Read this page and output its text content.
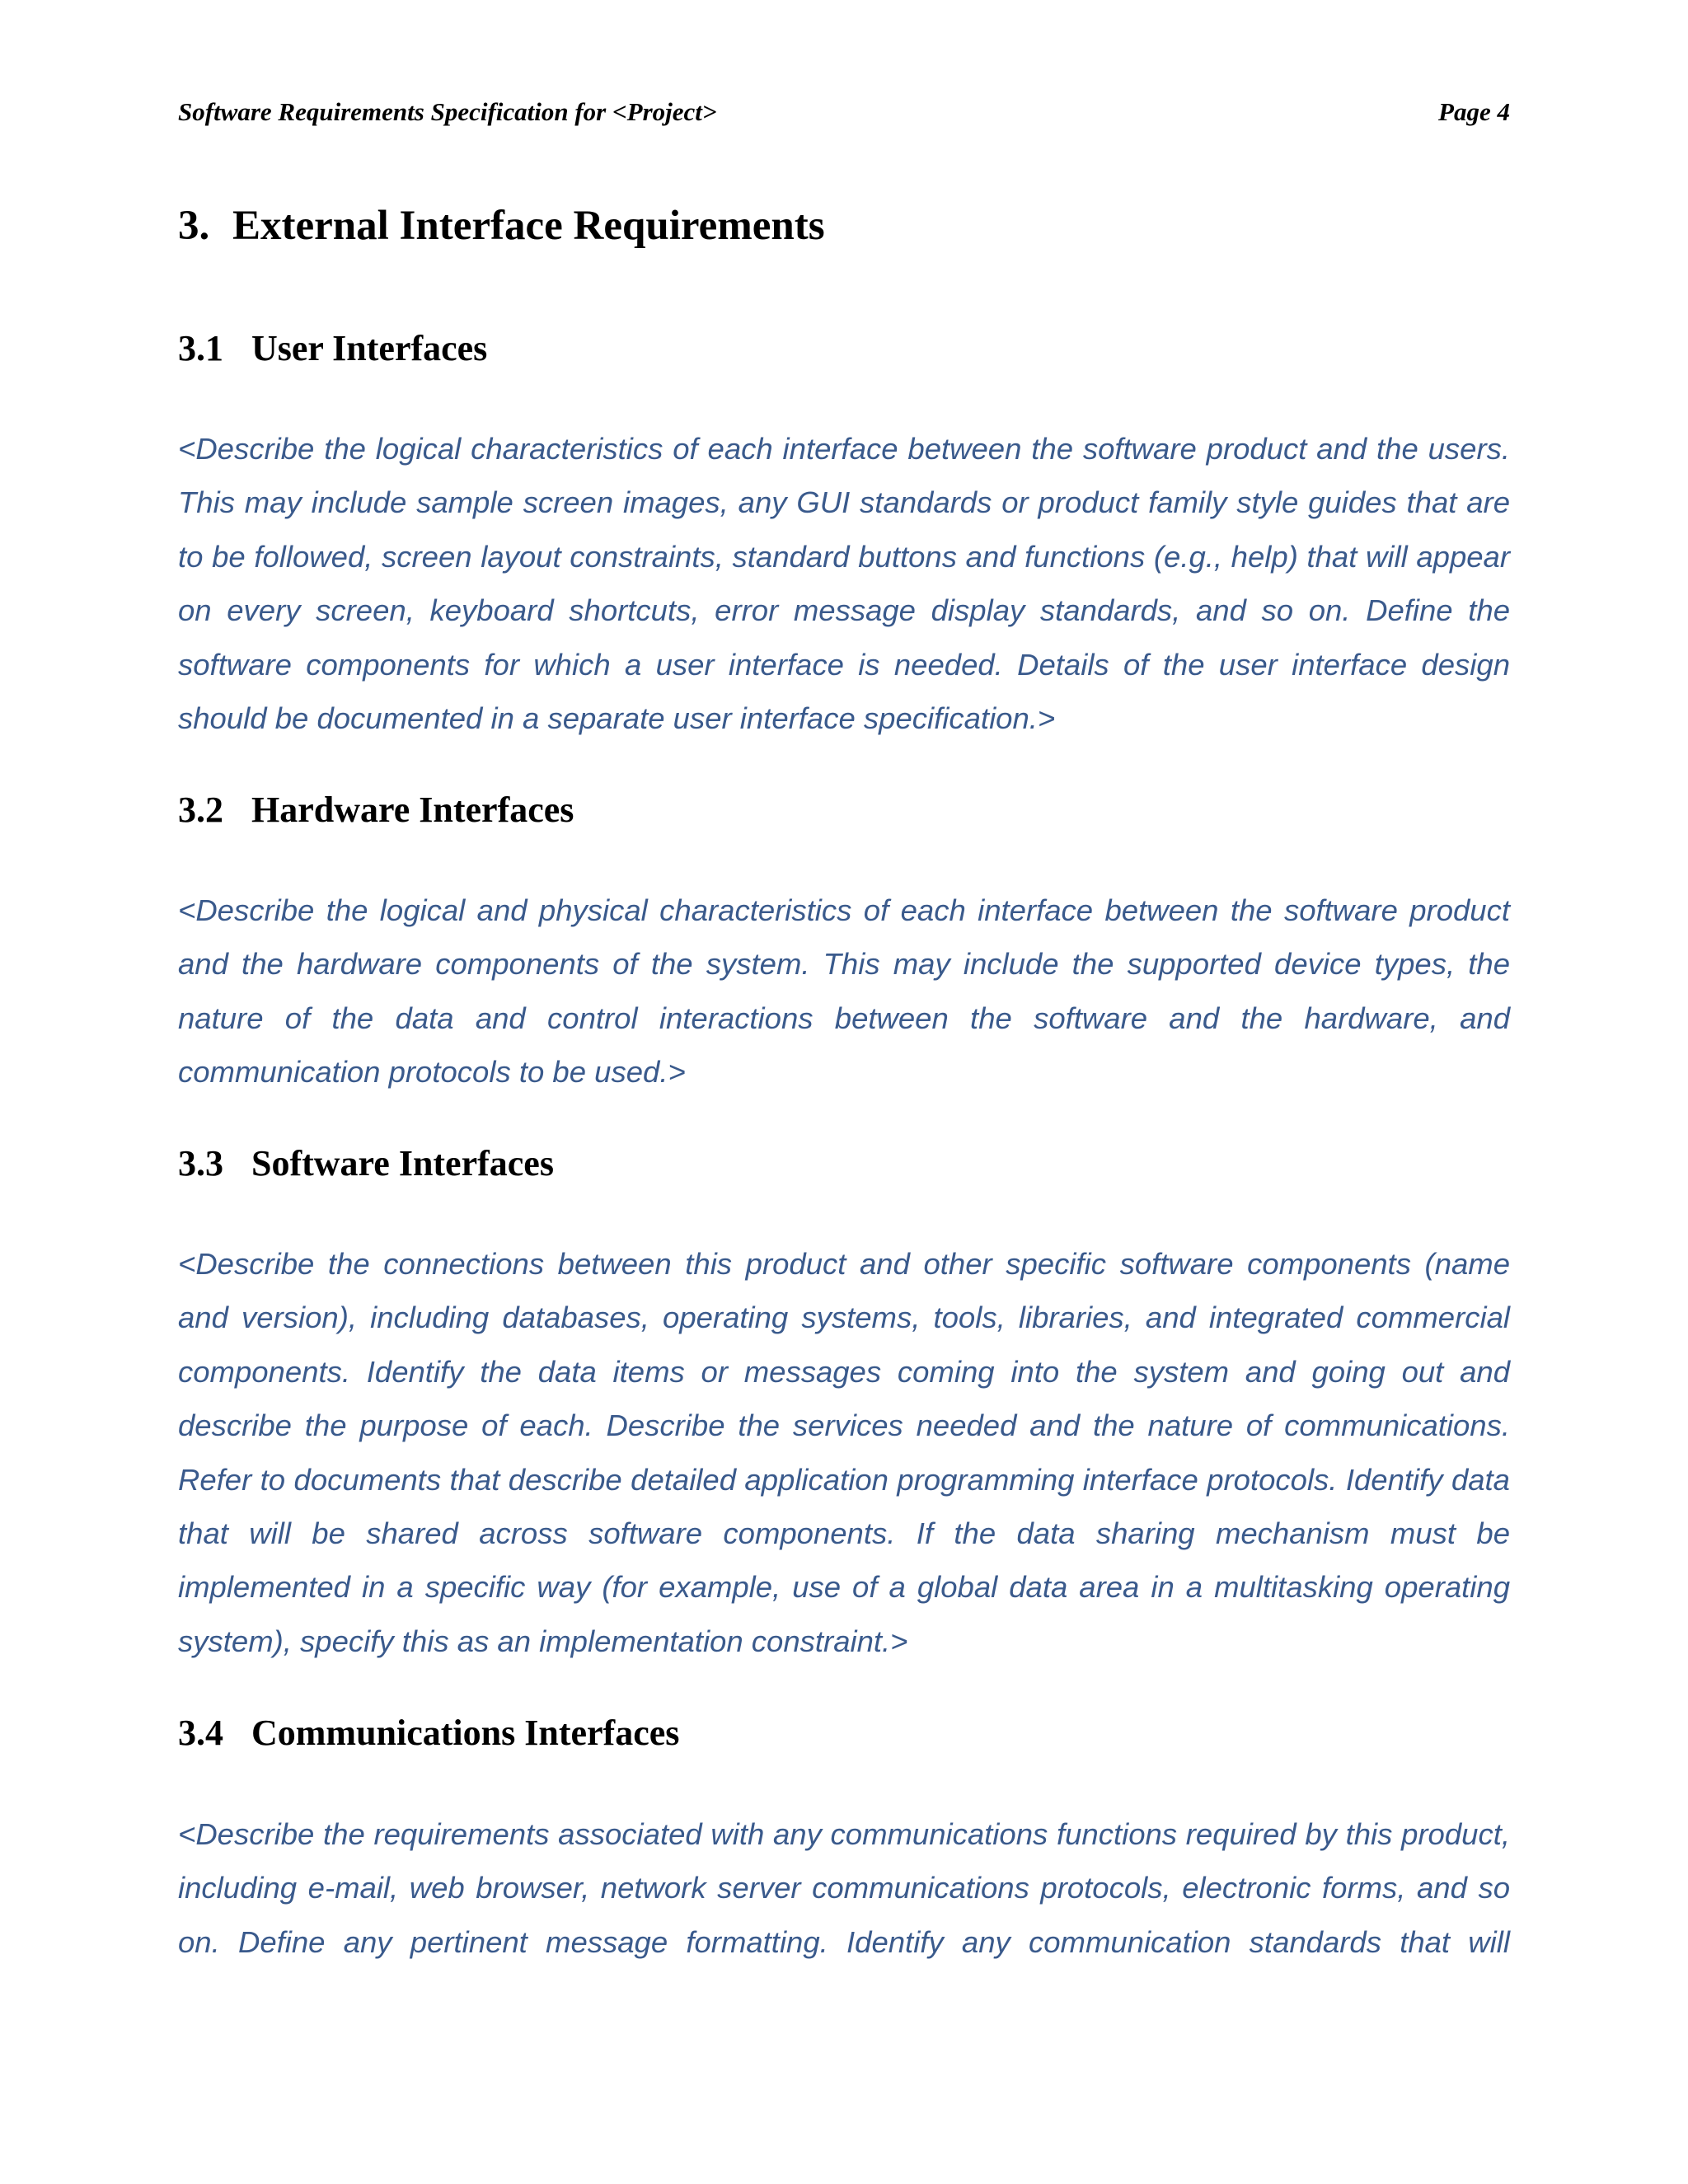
Software Requirements Specification for <Project>	Page 4
3. External Interface Requirements
3.1 User Interfaces

<Describe the logical characteristics of each interface between the software product and the users. This may include sample screen images, any GUI standards or product family style guides that are to be followed, screen layout constraints, standard buttons and functions (e.g., help) that will appear on every screen, keyboard shortcuts, error message display standards, and so on. Define the software components for which a user interface is needed. Details of the user interface design should be documented in a separate user interface specification.>

3.2 Hardware Interfaces

<Describe the logical and physical characteristics of each interface between the software product and the hardware components of the system. This may include the supported device types, the nature of the data and control interactions between the software and the hardware, and communication protocols to be used.>

3.3 Software Interfaces

<Describe the connections between this product and other specific software components (name and version), including databases, operating systems, tools, libraries, and integrated commercial components. Identify the data items or messages coming into the system and going out and describe the purpose of each. Describe the services needed and the nature of communications. Refer to documents that describe detailed application programming interface protocols. Identify data that will be shared across software components. If the data sharing mechanism must be implemented in a specific way (for example, use of a global data area in a multitasking operating system), specify this as an implementation constraint.>

3.4 Communications Interfaces

<Describe the requirements associated with any communications functions required by this product, including e-mail, web browser, network server communications protocols, electronic forms, and so on. Define any pertinent message formatting. Identify any communication standards that will
